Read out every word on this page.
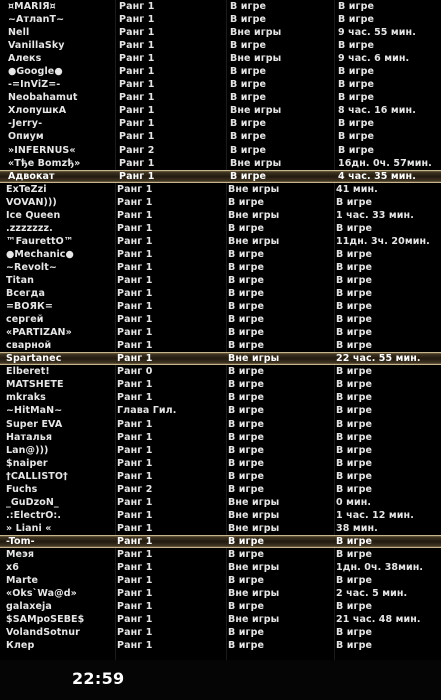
¤MARIЯ¤	Ранг 1	В игре	В игре
~АтлanT~	Ранг 1	В игре	В игре
Nell	Ранг 1	Вне игры	9 час. 55 мин.
VanillaSky	Ранг 1	В игре	В игре
Aлекs	Ранг 1	Вне игры	9 час. 6 мин.
●Google●	Ранг 1	В игре	В игре
-=InViZ=-	Ранг 1	В игре	В игре
Neobahamut	Ранг 1	В игре	В игре
ХлопушкА	Ранг 1	Вне игры	8 час. 16 мин.
-Jerry-	Ранг 1	В игре	В игре
Опиум	Ранг 1	В игре	В игре
»INFERNUS«	Ранг 2	В игре	В игре
«Tђe Bomzђ»	Ранг 1	Вне игры	16дн. 0ч. 57мин.
Адвокат	Ранг 1	В игре	4 час. 35 мин.
ExTeZzi	Ранг 1	Вне игры	41 мин.
VOVAN)))	Ранг 1	В игре	В игре
Ice Queen	Ранг 1	Вне игры	1 час. 33 мин.
.zzzzzzz.	Ранг 1	В игре	В игре
™FaurettO™	Ранг 1	Вне игры	11дн. 3ч. 20мин.
●Mechanic●	Ранг 1	В игре	В игре
~Revolt~	Ранг 1	В игре	В игре
Titan	Ранг 1	В игре	В игре
Всегда	Ранг 1	В игре	В игре
=ВОЯК=	Ранг 1	В игре	В игре
сергей	Ранг 1	В игре	В игре
«PARTIZAN»	Ранг 1	В игре	В игре
сварной	Ранг 1	В игре	В игре
Spartanec	Ранг 1	Вне игры	22 час. 55 мин.
Elberet!	Ранг 0	В игре	В игре
MATSHETE	Ранг 1	В игре	В игре
mkraks	Ранг 1	В игре	В игре
~HitMaN~	Глава Гил.	В игре	В игре
Super EVA	Ранг 1	В игре	В игре
Наталья	Ранг 1	В игре	В игре
Lan@)))	Ранг 1	В игре	В игре
$naiper	Ранг 1	В игре	В игре
†CALLISTO†	Ранг 1	В игре	В игре
Fuchs	Ранг 2	В игре	В игре
_GuDzoN_	Ранг 1	Вне игры	0 мин.
.:ElectrO:.	Ранг 1	Вне игры	1 час. 12 мин.
» Liani «	Ранг 1	Вне игры	38 мин.
-Tom-	Ранг 1	В игре	В игре
Меэя	Ранг 1	В игре	В игре
x6	Ранг 1	Вне игры	1дн. 0ч. 38мин.
Marte	Ранг 1	В игре	В игре
«Oks`Wa@d»	Ранг 1	Вне игры	2 час. 5 мин.
galaxeja	Ранг 1	В игре	В игре
$SAMpoSEBE$	Ранг 1	Вне игры	21 час. 48 мин.
VolandSotnur	Ранг 1	В игре	В игре
Клер	Ранг 1	В игре	В игре
22:59
